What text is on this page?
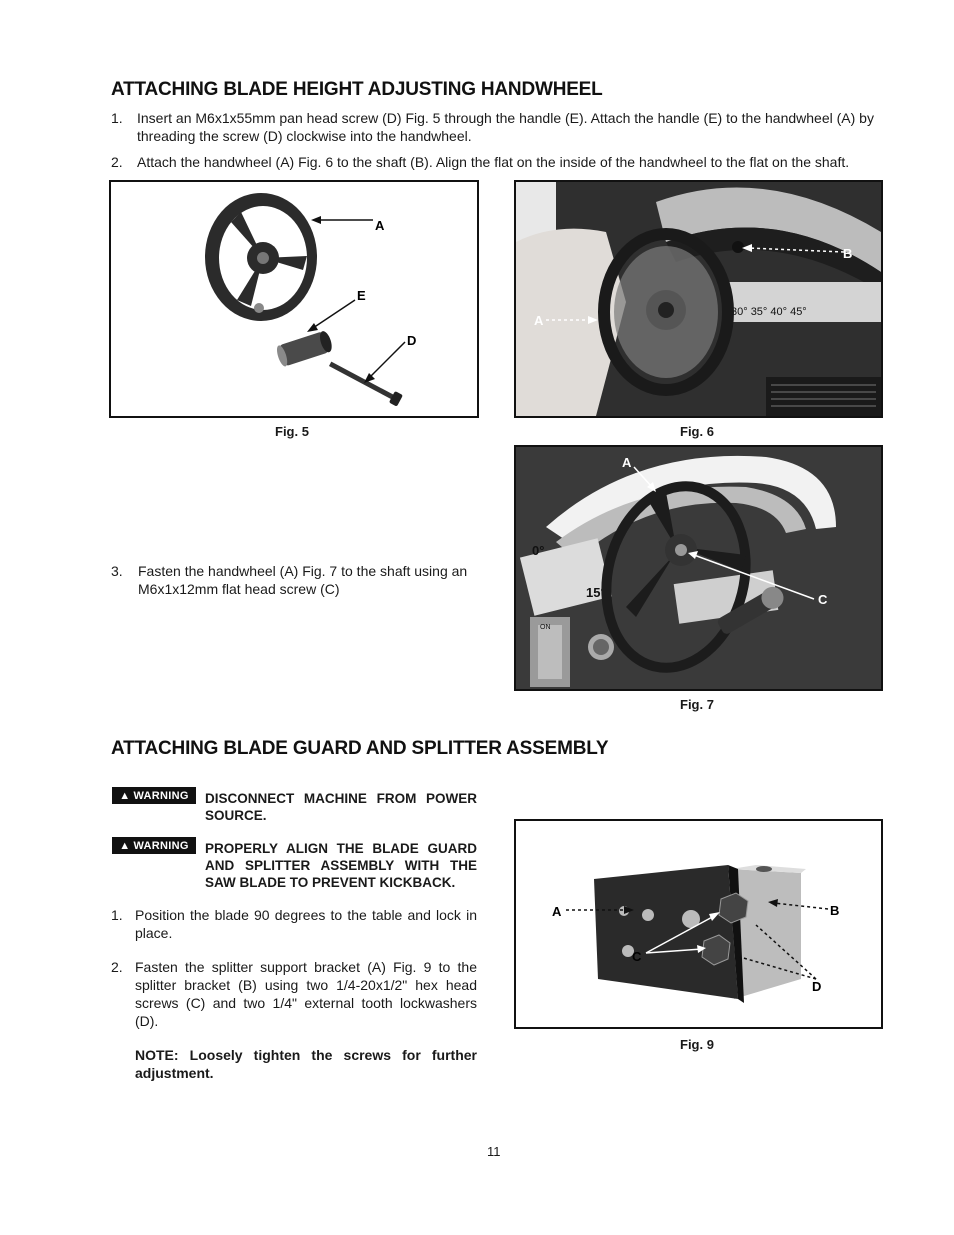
ATTACHING BLADE HEIGHT ADJUSTING HANDWHEEL
1. Insert an M6x1x55mm pan head screw (D) Fig. 5 through the handle (E). Attach the handle (E) to the handwheel (A) by threading the screw (D) clockwise into the handwheel.
2. Attach the handwheel (A) Fig. 6 to the shaft (B). Align the flat on the inside of the handwheel to the flat on the shaft.
A
E
D
Fig. 5
30° 35° 40° 45°
B
A
Fig. 6
3. Fasten the handwheel (A) Fig. 7 to the shaft using an M6x1x12mm flat head screw (C)
0°
15°
ON
A
C
Fig. 7
ATTACHING BLADE GUARD AND SPLITTER ASSEMBLY
▲ WARNING DISCONNECT MACHINE FROM POWER SOURCE.
▲ WARNING PROPERLY ALIGN THE BLADE GUARD AND SPLITTER ASSEMBLY WITH THE SAW BLADE TO PREVENT KICKBACK.
1. Position the blade 90 degrees to the table and lock in place.
2. Fasten the splitter support bracket (A) Fig. 9 to the splitter bracket (B) using two 1/4-20x1/2" hex head screws (C) and two 1/4" external tooth lockwashers (D).
NOTE: Loosely tighten the screws for further adjustment.
A	B
C
D
Fig. 9
11
